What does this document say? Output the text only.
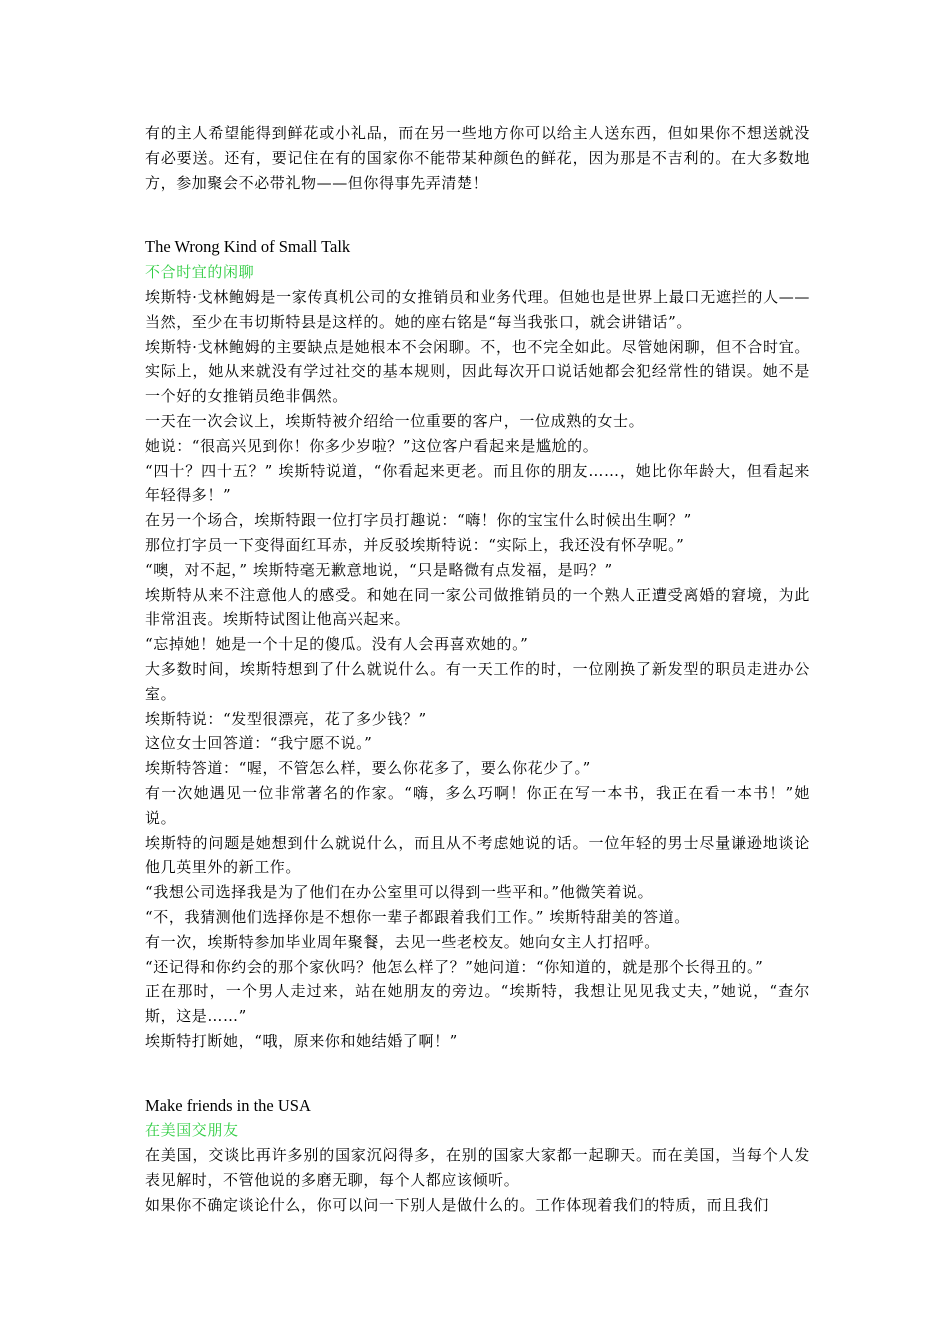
有的主人希望能得到鲜花或小礼品，而在另一些地方你可以给主人送东西，但如果你不想送就没有必要送。还有，要记住在有的国家你不能带某种颜色的鲜花，因为那是不吉利的。在大多数地方，参加聚会不必带礼物——但你得事先弄清楚！

The Wrong Kind of Small Talk

不合时宜的闲聊

埃斯特·戈林鲍姆是一家传真机公司的女推销员和业务代理。但她也是世界上最口无遮拦的人——当然，至少在韦切斯特县是这样的。她的座右铭是“每当我张口，就会讲错话”。

埃斯特·戈林鲍姆的主要缺点是她根本不会闲聊。不，也不完全如此。尽管她闲聊，但不合时宜。实际上，她从来就没有学过社交的基本规则，因此每次开口说话她都会犯经常性的错误。她不是一个好的女推销员绝非偶然。

一天在一次会议上，埃斯特被介绍给一位重要的客户，一位成熟的女士。

她说：“很高兴见到你！你多少岁啦？”这位客户看起来是尴尬的。

“四十？四十五？” 埃斯特说道，“你看起来更老。而且你的朋友……，她比你年龄大，但看起来年轻得多！”

在另一个场合，埃斯特跟一位打字员打趣说：“嗨！你的宝宝什么时候出生啊？”

那位打字员一下变得面红耳赤，并反驳埃斯特说：“实际上，我还没有怀孕呢。”

“噢，对不起，” 埃斯特毫无歉意地说，“只是略微有点发福，是吗？”

埃斯特从来不注意他人的感受。和她在同一家公司做推销员的一个熟人正遭受离婚的窘境，为此非常沮丧。埃斯特试图让他高兴起来。

“忘掉她！她是一个十足的傻瓜。没有人会再喜欢她的。”

大多数时间，埃斯特想到了什么就说什么。有一天工作的时，一位刚换了新发型的职员走进办公室。

埃斯特说：“发型很漂亮，花了多少钱？”

这位女士回答道：“我宁愿不说。”

埃斯特答道：“喔，不管怎么样，要么你花多了，要么你花少了。”

有一次她遇见一位非常著名的作家。“嗨，多么巧啊！你正在写一本书，我正在看一本书！”她说。

埃斯特的问题是她想到什么就说什么，而且从不考虑她说的话。一位年轻的男士尽量谦逊地谈论他几英里外的新工作。

“我想公司选择我是为了他们在办公室里可以得到一些平和。”他微笑着说。

“不，我猜测他们选择你是不想你一辈子都跟着我们工作。” 埃斯特甜美的答道。

有一次，埃斯特参加毕业周年聚餐，去见一些老校友。她向女主人打招呼。

“还记得和你约会的那个家伙吗？他怎么样了？”她问道：“你知道的，就是那个长得丑的。”

正在那时，一个男人走过来，站在她朋友的旁边。“埃斯特，我想让见见我丈夫，”她说，“查尔斯，这是……”

埃斯特打断她，“哦，原来你和她结婚了啊！”

Make friends in the USA

在美国交朋友

在美国，交谈比再许多别的国家沉闷得多，在别的国家大家都一起聊天。而在美国，当每个人发表见解时，不管他说的多磨无聊，每个人都应该倾听。

如果你不确定谈论什么，你可以问一下别人是做什么的。工作体现着我们的特质，而且我们
